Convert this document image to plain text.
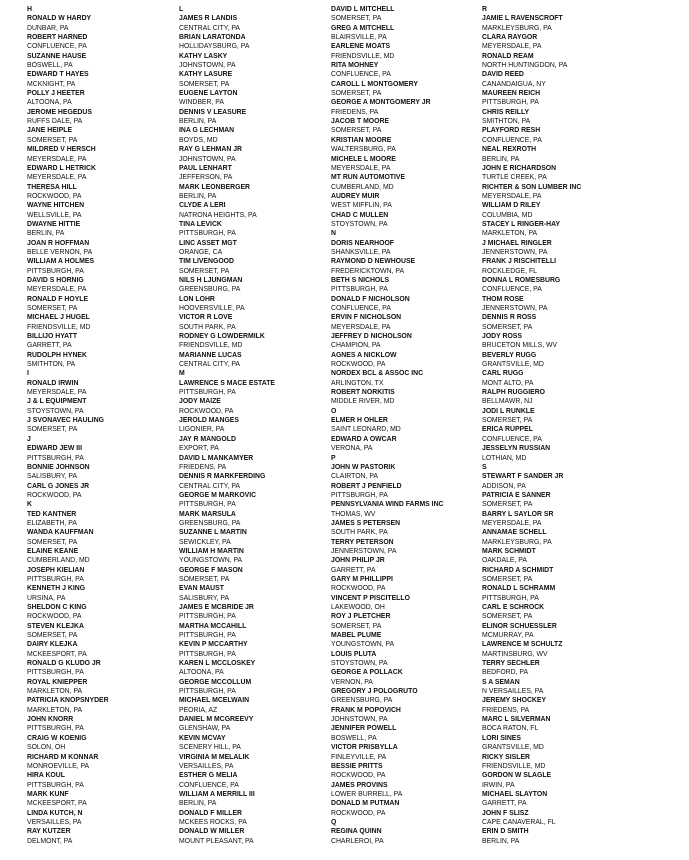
H
RONALD W HARDY
DUNBAR, PA
ROBERT HARNED
CONFLUENCE, PA
SUZANNE HAUSE
BOSWELL, PA
EDWARD T HAYES
MCKNIGHT, PA
POLLY J HEETER
ALTOONA, PA
JEROME HEGEDUS
RUFFS DALE, PA
JANE HEIPLE
SOMERSET, PA
MILDRED V HERSCH
MEYERSDALE, PA
EDWARD L HETRICK
MEYERSDALE, PA
THERESA HILL
ROCKWOOD, PA
WAYNE HITCHEN
WELLSVILLE, PA
DWAYNE HITTIE
BERLIN, PA
JOAN R HOFFMAN
BELLE VERNON, PA
WILLIAM A HOLMES
PITTSBURGH, PA
DAVID S HORNIG
MEYERSDALE, PA
RONALD F HOYLE
SOMERSET, PA
MICHAEL J HUGEL
FRIENDSVILLE, MD
BILLIJO HYATT
GARRETT, PA
RUDOLPH HYNEK
SMITHTON, PA
I
RONALD IRWIN
MEYERSDALE, PA
J & L EQUIPMENT
STOYSTOWN, PA
J SVONAVEC HAULING
SOMERSET, PA
J
EDWARD JEW III
PITTSBURGH, PA
BONNIE JOHNSON
SALISBURY, PA
CARL G JONES JR
ROCKWOOD, PA
K
TED KANTNER
ELIZABETH, PA
WANDA KAUFFMAN
SOMERSET, PA
ELAINE KEANE
CUMBERLAND, MD
JOSEPH KIELIAN
PITTSBURGH, PA
KENNETH J KING
URSINA, PA
SHELDON C KING
ROCKWOOD, PA
STEVEN KLEJKA
SOMERSET, PA
DAIRY KLEJKA
MCKEESPORT, PA
RONALD G KLUDO JR
PITTSBURGH, PA
ROYAL KNIEPPER
MARKLETON, PA
PATRICIA KNOPSNYDER
MARKLETON, PA
JOHN KNORR
PITTSBURGH, PA
CRAIG W KOENIG
SOLON, OH
RICHARD M KONNAR
MONROEVILLE, PA
HIRA KOUL
PITTSBURGH, PA
MARK KUNF
MCKEESPORT, PA
LINDA KUTCH, N
VERSAILLES, PA
RAY KUTZER
DELMONT, PA
L
JAMES R LANDIS
CENTRAL CITY, PA
BRIAN LARATONDA
HOLLIDAYSBURG, PA
KATHY LASKY
JOHNSTOWN, PA
KATHY LASURE
SOMERSET, PA
EUGENE LAYTON
WINDBER, PA
DENNIS V LEASURE
BERLIN, PA
INA G LECHMAN
BOYDS, MD
RAY G LEHMAN JR
JOHNSTOWN, PA
PAUL LENHART
JEFFERSON, PA
MARK LEONBERGER
BERLIN, PA
CLYDE A LERI
NATRONA HEIGHTS, PA
TINA LEVICK
PITTSBURGH, PA
LINC ASSET MGT
ORANGE, CA
TIM LIVENGOOD
SOMERSET, PA
NILS H LJUNGMAN
GREENSBURG, PA
LON LOHR
HOOVERSVILLE, PA
VICTOR R LOVE
SOUTH PARK, PA
RODNEY G LOWDERMILK
FRIENDSVILLE, MD
MARIANNE LUCAS
CENTRAL CITY, PA
M
LAWRENCE S MACE ESTATE
PITTSBURGH, PA
JODY MAIZE
ROCKWOOD, PA
JEROLD MANGES
LIGONIER, PA
JAY R MANGOLD
EXPORT, PA
DAVID L MANKAMYER
FRIEDENS, PA
DENNIS R MARKFERDING
CENTRAL CITY, PA
GEORGE M MARKOVIC
PITTSBURGH, PA
MARK MARSULA
GREENSBURG, PA
SUZANNE L MARTIN
SEWICKLEY, PA
WILLIAM H MARTIN
YOUNGSTOWN, PA
GEORGE F MASON
SOMERSET, PA
EVAN MAUST
SALISBURY, PA
JAMES E MCBRIDE JR
PITTSBURGH, PA
MARTHA MCCAHILL
PITTSBURGH, PA
KEVIN P MCCARTHY
PITTSBURGH, PA
KAREN L MCCLOSKEY
ALTOONA, PA
GEORGE MCCOLLUM
PITTSBURGH, PA
MICHAEL MCELWAIN
PEORIA, AZ
DANIEL M MCGREEVY
GLENSHAW, PA
KEVIN MCVAY
SCENERY HILL, PA
VIRGINIA M MELALIK
VERSAILLES, PA
ESTHER G MELIA
CONFLUENCE, PA
WILLIAM A MERRILL III
BERLIN, PA
DONALD F MILLER
MCKEES ROCKS, PA
DONALD W MILLER
MOUNT PLEASANT, PA
DAVID L MITCHELL
SOMERSET, PA
GREG A MITCHELL
BLAIRSVILLE, PA
EARLENE MOATS
FRIENDSVILLE, MD
RITA MOHNEY
CONFLUENCE, PA
CAROLL L MONTGOMERY
SOMERSET, PA
GEORGE A MONTGOMERY JR
FRIEDENS, PA
JACOB T MOORE
SOMERSET, PA
KRISTIAN MOORE
WALTERSBURG, PA
MICHELE L MOORE
MEYERSDALE, PA
MT RUN AUTOMOTIVE
CUMBERLAND, MD
AUDREY MUIR
WEST MIFFLIN, PA
CHAD C MULLEN
STOYSTOWN, PA
N
DORIS NEARHOOF
SHANKSVILLE, PA
RAYMOND D NEWHOUSE
FREDERICKTOWN, PA
BETH S NICHOLS
PITTSBURGH, PA
DONALD F NICHOLSON
CONFLUENCE, PA
ERVIN F NICHOLSON
MEYERSDALE, PA
JEFFREY D NICHOLSON
CHAMPION, PA
AGNES A NICKLOW
ROCKWOOD, PA
NORDEX BCL & ASSOC INC
ARLINGTON, TX
ROBERT NORKITIS
MIDDLE RIVER, MD
O
ELMER H OHLER
SAINT LEONARD, MD
EDWARD A OWCAR
VERONA, PA
P
JOHN W PASTORIK
CLAIRTON, PA
ROBERT J PENFIELD
PITTSBURGH, PA
PENNSYLVANIA WIND FARMS INC
THOMAS, WV
JAMES S PETERSEN
SOUTH PARK, PA
TERRY PETERSON
JENNERSTOWN, PA
JOHN PHILIP JR
GARRETT, PA
GARY M PHILLIPPI
ROCKWOOD, PA
VINCENT P PISCITELLO
LAKEWOOD, OH
ROY J PLETCHER
SOMERSET, PA
MABEL PLUME
YOUNGSTOWN, PA
LOUIS PLUTA
STOYSTOWN, PA
GEORGE A POLLACK
VERNON, PA
GREGORY J POLOGRUTO
GREENSBURG, PA
FRANK M POPOVICH
JOHNSTOWN, PA
JENNIFER POWELL
BOSWELL, PA
VICTOR PRISBYLLA
FINLEYVILLE, PA
BESSIE PRITTS
ROCKWOOD, PA
JAMES PROVINS
LOWER BURRELL, PA
DONALD M PUTMAN
ROCKWOOD, PA
Q
REGINA QUINN
CHARLEROI, PA
R
JAMIE L RAVENSCROFT
MARKLEYSBURG, PA
CLARA RAYGOR
MEYERSDALE, PA
RONALD REAM
NORTH HUNTINGDON, PA
DAVID REED
CANANDAIGUA, NY
MAUREEN REICH
PITTSBURGH, PA
CHRIS REILLY
SMITHTON, PA
PLAYFORD RESH
CONFLUENCE, PA
NEAL REXROTH
BERLIN, PA
JOHN E RICHARDSON
TURTLE CREEK, PA
RICHTER & SON LUMBER INC
MEYERSDALE, PA
WILLIAM D RILEY
COLUMBIA, MD
STACEY L RINGER-HAY
MARKLETON, PA
J MICHAEL RINGLER
JENNERSTOWN, PA
FRANK J RISCHITELLI
ROCKLEDGE, FL
DONNA L ROMESBURG
CONFLUENCE, PA
THOM ROSE
JENNERSTOWN, PA
DENNIS R ROSS
SOMERSET, PA
JODY ROSS
BRUCETON MILLS, WV
BEVERLY RUGG
GRANTSVILLE, MD
CARL RUGG
MONT ALTO, PA
RALPH RUGGIERO
BELLMAWR, NJ
JODI L RUNKLE
SOMERSET, PA
ERICA RUPPEL
CONFLUENCE, PA
JESSELYN RUSSIAN
LOTHIAN, MD
S
STEWART F SANDER JR
ADDISON, PA
PATRICIA E SANNER
SOMERSET, PA
BARRY L SAYLOR SR
MEYERSDALE, PA
ANNAMAE SCHELL
MARKLEYSBURG, PA
MARK SCHMIDT
OAKDALE, PA
RICHARD A SCHMIDT
SOMERSET, PA
RONALD L SCHRAMM
PITTSBURGH, PA
CARL E SCHROCK
SOMERSET, PA
ELINOR SCHUESSLER
MCMURRAY, PA
LAWRENCE M SCHULTZ
MARTINSBURG, WV
TERRY SECHLER
BEDFORD, PA
S A SEMAN
N VERSAILLES, PA
JEREMY SHOCKEY
FRIEDENS, PA
MARC L SILVERMAN
BOCA RATON, FL
LORI SINES
GRANTSVILLE, MD
RICKY SISLER
FRIENDSVILLE, MD
GORDON W SLAGLE
IRWIN, PA
MICHAEL SLAYTON
GARRETT, PA
JOHN F SLISZ
CAPE CANAVERAL, FL
ERIN D SMITH
BERLIN, PA
